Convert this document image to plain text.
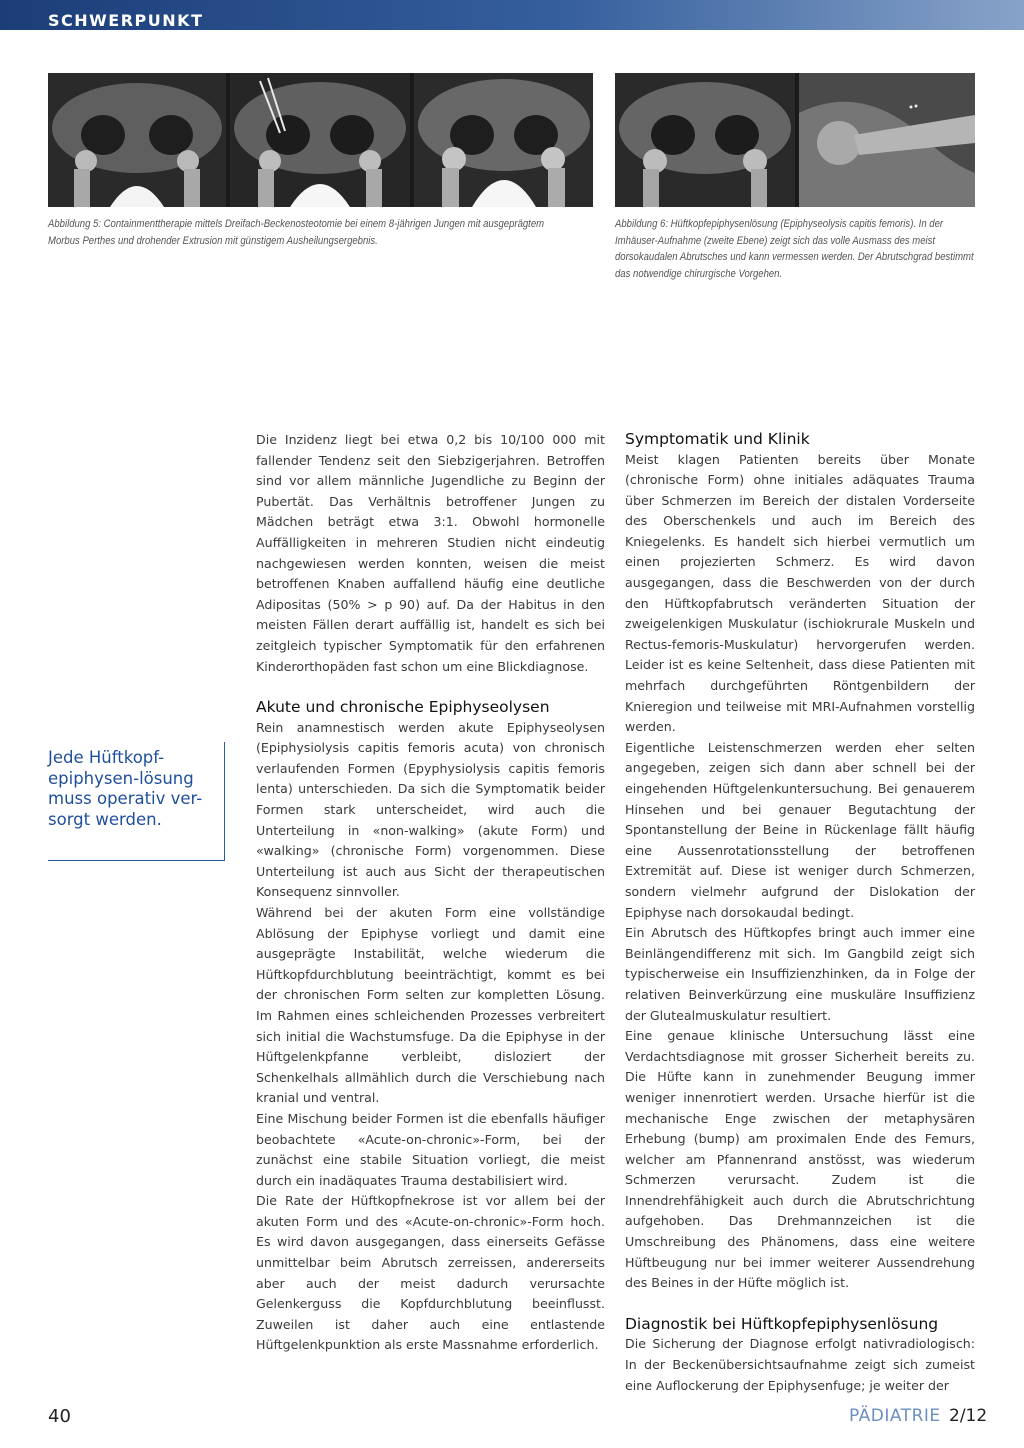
SCHWERPUNKT
Abbildung 5: Containmenttherapie mittels Dreifach-Beckenosteotomie bei einem 8-jährigen Jungen mit ausgeprägtem Morbus Perthes und drohender Extrusion mit günstigem Ausheilungsergebnis.
Abbildung 6: Hüftkopfepiphysenlösung (Epiphyseolysis capitis femoris). In der Imhäuser-Aufnahme (zweite Ebene) zeigt sich das volle Ausmass des meist dorsokaudalen Abrutsches und kann vermessen werden. Der Abrutschgrad bestimmt das notwendige chirurgische Vorgehen.
Jede Hüftkopf-epiphysen-lösung muss operativ ver-sorgt werden.

Die Inzidenz liegt bei etwa 0,2 bis 10/100 000 mit fallender Tendenz seit den Siebzigerjahren. Betroffen sind vor allem männliche Jugendliche zu Beginn der Pubertät. Das Verhältnis betroffener Jungen zu Mädchen beträgt etwa 3:1. Obwohl hormonelle Auffälligkeiten in mehreren Studien nicht eindeutig nachgewiesen werden konnten, weisen die meist betroffenen Knaben auffallend häufig eine deutliche Adipositas (50% > p 90) auf. Da der Habitus in den meisten Fällen derart auffällig ist, handelt es sich bei zeitgleich typischer Symptomatik für den erfahrenen Kinderorthopäden fast schon um eine Blickdiagnose.

Akute und chronische Epiphyseolysen

Rein anamnestisch werden akute Epiphyseolysen (Epiphysiolysis capitis femoris acuta) von chronisch verlaufenden Formen (Epyphysiolysis capitis femoris lenta) unterschieden. Da sich die Symptomatik beider Formen stark unterscheidet, wird auch die Unterteilung in «non-walking» (akute Form) und «walking» (chronische Form) vorgenommen. Diese Unterteilung ist auch aus Sicht der therapeutischen Konsequenz sinnvoller.

Während bei der akuten Form eine vollständige Ablösung der Epiphyse vorliegt und damit eine ausgeprägte Instabilität, welche wiederum die Hüftkopfdurchblutung beeinträchtigt, kommt es bei der chronischen Form selten zur kompletten Lösung. Im Rahmen eines schleichenden Prozesses verbreitert sich initial die Wachstumsfuge. Da die Epiphyse in der Hüftgelenkpfanne verbleibt, disloziert der Schenkelhals allmählich durch die Verschiebung nach kranial und ventral.

Eine Mischung beider Formen ist die ebenfalls häufiger beobachtete «Acute-on-chronic»-Form, bei der zunächst eine stabile Situation vorliegt, die meist durch ein inadäquates Trauma destabilisiert wird.

Die Rate der Hüftkopfnekrose ist vor allem bei der akuten Form und des «Acute-on-chronic»-Form hoch. Es wird davon ausgegangen, dass einerseits Gefässe unmittelbar beim Abrutsch zerreissen, andererseits aber auch der meist dadurch verursachte Gelenkerguss die Kopfdurchblutung beeinflusst. Zuweilen ist daher auch eine entlastende Hüftgelenkpunktion als erste Massnahme erforderlich.

Symptomatik und Klinik

Meist klagen Patienten bereits über Monate (chronische Form) ohne initiales adäquates Trauma über Schmerzen im Bereich der distalen Vorderseite des Oberschenkels und auch im Bereich des Kniegelenks. Es handelt sich hierbei vermutlich um einen projezierten Schmerz. Es wird davon ausgegangen, dass die Beschwerden von der durch den Hüftkopfabrutsch veränderten Situation der zweigelenkigen Muskulatur (ischiokrurale Muskeln und Rectus-femoris-Muskulatur) hervorgerufen werden. Leider ist es keine Seltenheit, dass diese Patienten mit mehrfach durchgeführten Röntgenbildern der Knieregion und teilweise mit MRI-Aufnahmen vorstellig werden.

Eigentliche Leistenschmerzen werden eher selten angegeben, zeigen sich dann aber schnell bei der eingehenden Hüftgelenkuntersuchung. Bei genauerem Hinsehen und bei genauer Begutachtung der Spontanstellung der Beine in Rückenlage fällt häufig eine Aussenrotationsstellung der betroffenen Extremität auf. Diese ist weniger durch Schmerzen, sondern vielmehr aufgrund der Dislokation der Epiphyse nach dorsokaudal bedingt.

Ein Abrutsch des Hüftkopfes bringt auch immer eine Beinlängendifferenz mit sich. Im Gangbild zeigt sich typischerweise ein Insuffizienzhinken, da in Folge der relativen Beinverkürzung eine muskuläre Insuffizienz der Glutealmuskulatur resultiert.

Eine genaue klinische Untersuchung lässt eine Verdachtsdiagnose mit grosser Sicherheit bereits zu. Die Hüfte kann in zunehmender Beugung immer weniger innenrotiert werden. Ursache hierfür ist die mechanische Enge zwischen der metaphysären Erhebung (bump) am proximalen Ende des Femurs, welcher am Pfannenrand anstösst, was wiederum Schmerzen verursacht. Zudem ist die Innendrehfähigkeit auch durch die Abrutschrichtung aufgehoben. Das Drehmannzeichen ist die Umschreibung des Phänomens, dass eine weitere Hüftbeugung nur bei immer weiterer Aussendrehung des Beines in der Hüfte möglich ist.

Diagnostik bei Hüftkopfepiphysenlösung

Die Sicherung der Diagnose erfolgt nativradiologisch: In der Beckenübersichtsaufnahme zeigt sich zumeist eine Auflockerung der Epiphysenfuge; je weiter der

40	PÄDIATRIE 2/12
